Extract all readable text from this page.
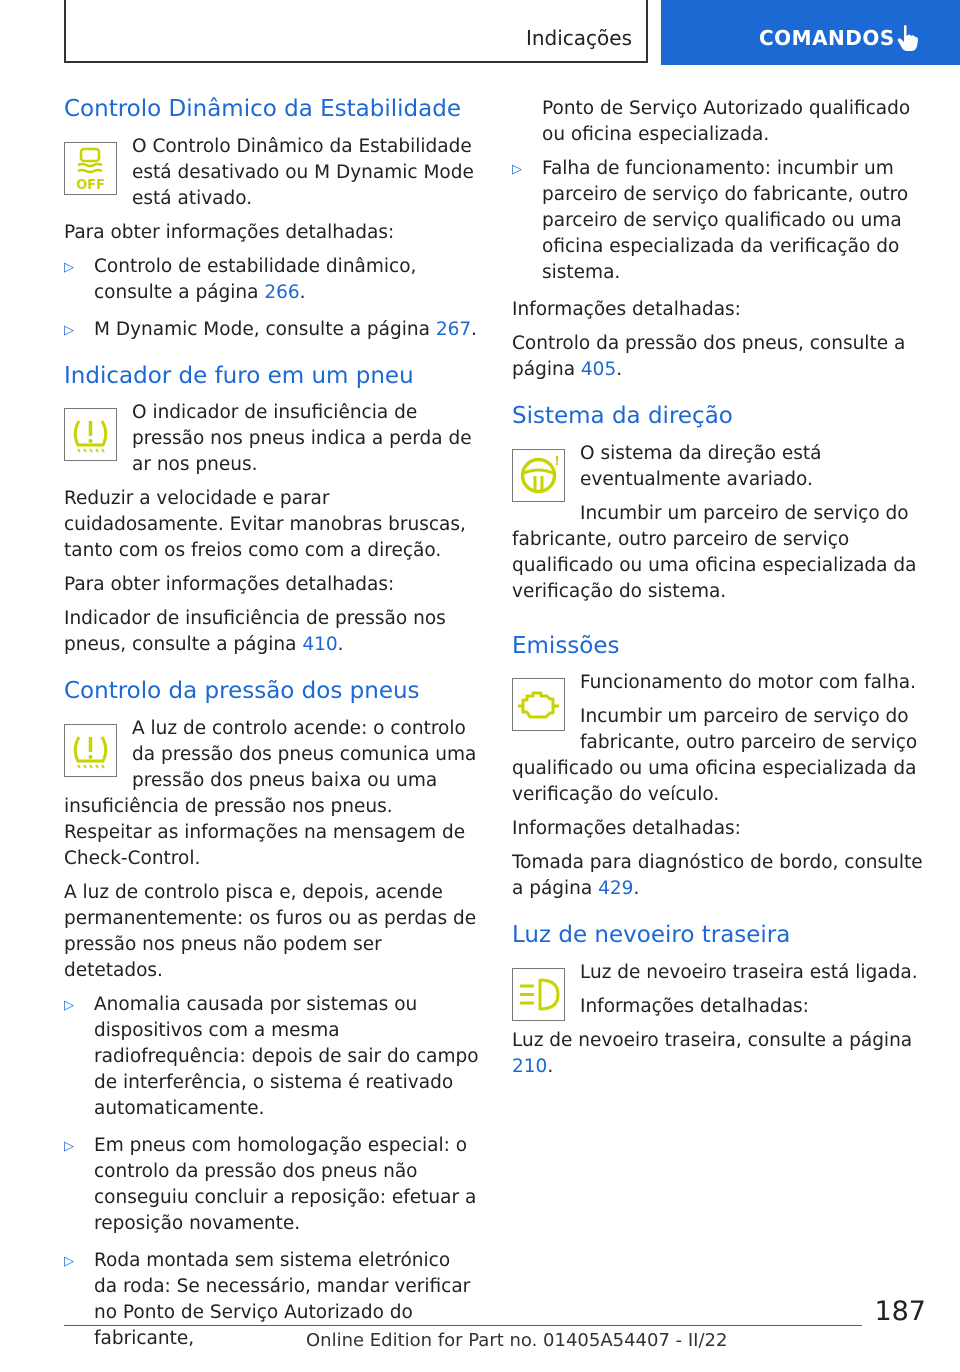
Indicações	COMANDOS
Controlo Dinâmico da Estabilidade
OFF

O Controlo Dinâmico da Estabilidade está desativado ou M Dynamic Mode está ativado.

Para obter informações detalhadas:

▷ Controlo de estabilidade dinâmico, consulte a página 266.
▷ M Dynamic Mode, consulte a página 267.
Indicador de furo em um pneu

O indicador de insuficiência de pressão nos pneus indica a perda de ar nos pneus.

Reduzir a velocidade e parar cuidadosamente. Evitar manobras bruscas, tanto com os freios como com a direção.

Para obter informações detalhadas:

Indicador de insuficiência de pressão nos pneus, consulte a página 410.

Controlo da pressão dos pneus

A luz de controlo acende: o controlo da pressão dos pneus comunica uma pressão dos pneus baixa ou uma insuficiência de pressão nos pneus. Respeitar as informações na mensagem de Check-Control.

A luz de controlo pisca e, depois, acende permanentemente: os furos ou as perdas de pressão nos pneus não podem ser detetados.

▷ Anomalia causada por sistemas ou dispositivos com a mesma radiofrequência: depois de sair do campo de interferência, o sistema é reativado automaticamente.
▷ Em pneus com homologação especial: o controlo da pressão dos pneus não conseguiu concluir a reposição: efetuar a reposição novamente.
▷ Roda montada sem sistema eletrónico da roda: Se necessário, mandar verificar no Ponto de Serviço Autorizado do fabricante,

Ponto de Serviço Autorizado qualificado ou oficina especializada.

▷ Falha de funcionamento: incumbir um parceiro de serviço do fabricante, outro parceiro de serviço qualificado ou uma oficina especializada da verificação do sistema.

Informações detalhadas:

Controlo da pressão dos pneus, consulte a página 405.

Sistema da direção
!	O sistema da direção está eventualmente avariado.

Incumbir um parceiro de serviço do fabricante, outro parceiro de serviço qualificado ou uma oficina especializada da verificação do sistema.

Emissões

Funcionamento do motor com falha.

Incumbir um parceiro de serviço do fabricante, outro parceiro de serviço qualificado ou uma oficina especializada da verificação do veículo.

Informações detalhadas:

Tomada para diagnóstico de bordo, consulte a página 429.

Luz de nevoeiro traseira

Luz de nevoeiro traseira está ligada.

Informações detalhadas:

Luz de nevoeiro traseira, consulte a página 210.

187
Online Edition for Part no. 01405A54407 - II/22
